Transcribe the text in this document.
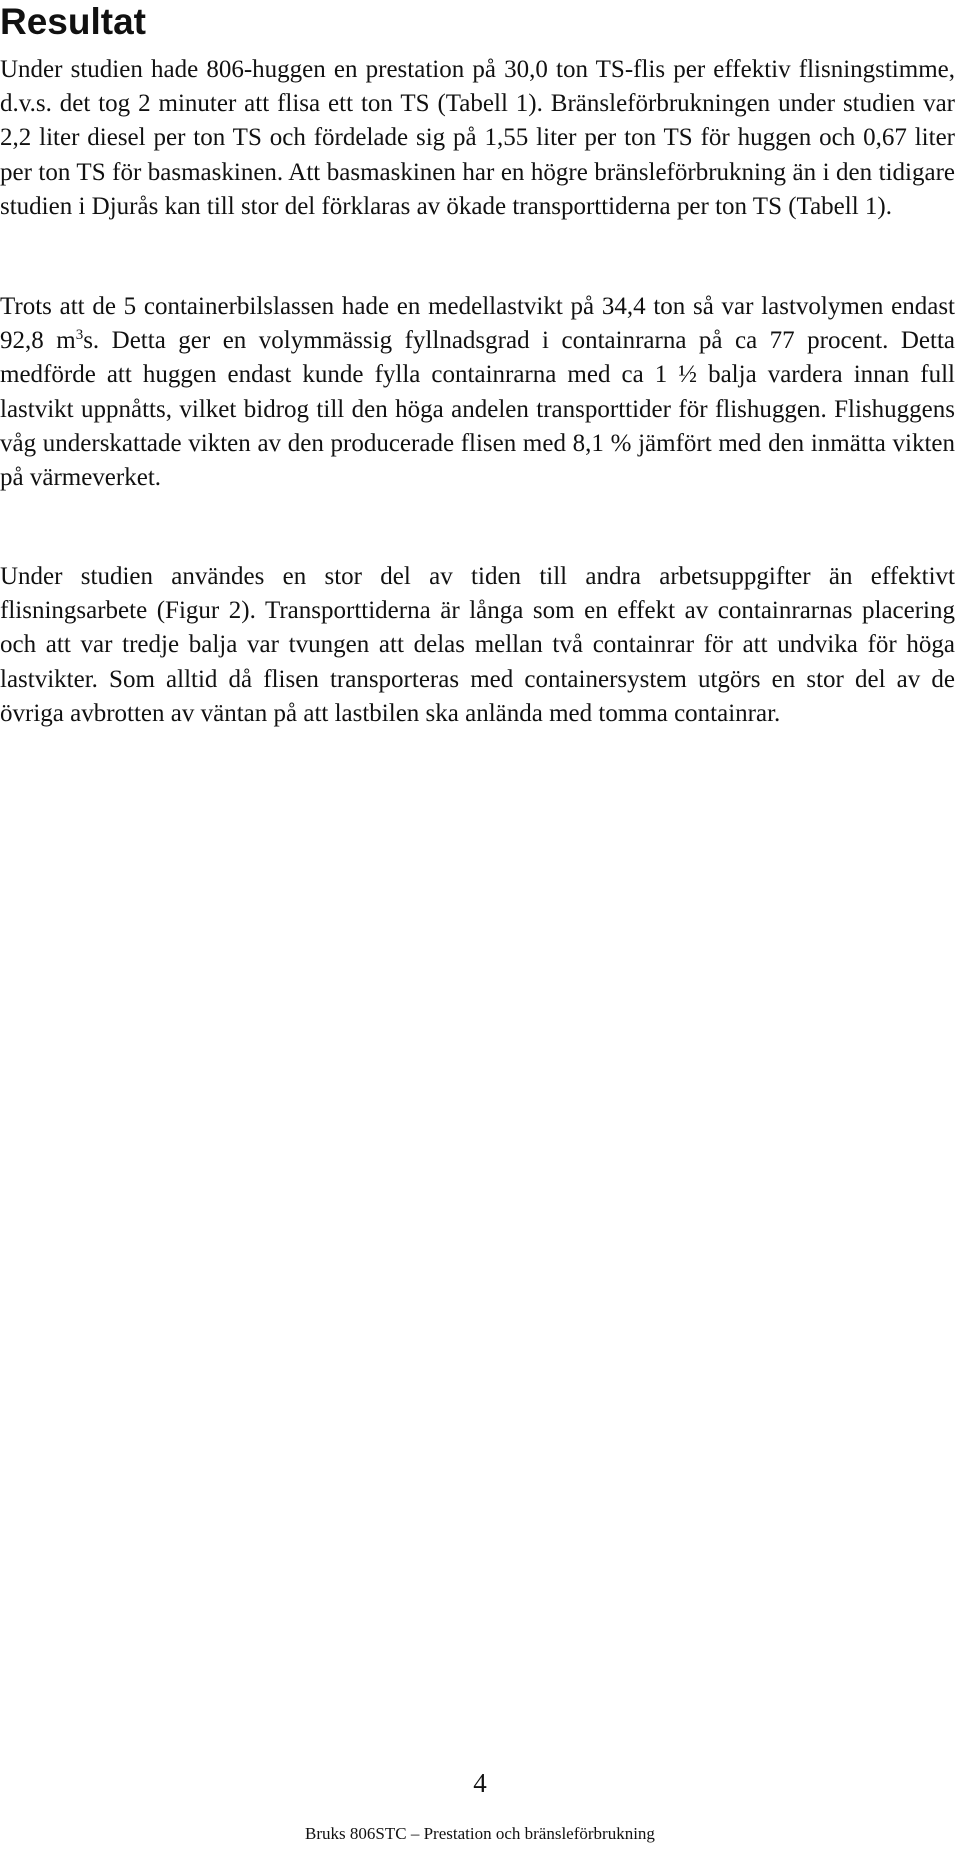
Resultat

Under studien hade 806-huggen en prestation på 30,0 ton TS-flis per effektiv flisningstimme, d.v.s. det tog 2 minuter att flisa ett ton TS (Tabell 1). Bränsleförbrukningen under studien var 2,2 liter diesel per ton TS och fördelade sig på 1,55 liter per ton TS för huggen och 0,67 liter per ton TS för basmaskinen. Att basmaskinen har en högre bränsleförbrukning än i den tidigare studien i Djurås kan till stor del förklaras av ökade transporttiderna per ton TS (Tabell 1).

Trots att de 5 containerbilslassen hade en medellastvikt på 34,4 ton så var lastvolymen endast 92,8 $m^3s$. Detta ger en volymmässig fyllnadsgrad i containrarna på ca 77 procent. Detta medförde att huggen endast kunde fylla containrarna med ca 1 ½ balja vardera innan full lastvikt uppnåtts, vilket bidrog till den höga andelen transporttider för flishuggen. Flishuggens våg underskattade vikten av den producerade flisen med 8,1 % jämfört med den inmätta vikten på värmeverket.

Under studien användes en stor del av tiden till andra arbetsuppgifter än effektivt flisningsarbete (Figur 2). Transporttiderna är långa som en effekt av containrarnas placering och att var tredje balja var tvungen att delas mellan två containrar för att undvika för höga lastvikter. Som alltid då flisen transporteras med containersystem utgörs en stor del av de övriga avbrotten av väntan på att lastbilen ska anlända med tomma containrar.

4

Bruks 806STC – Prestation och bränsleförbrukning
